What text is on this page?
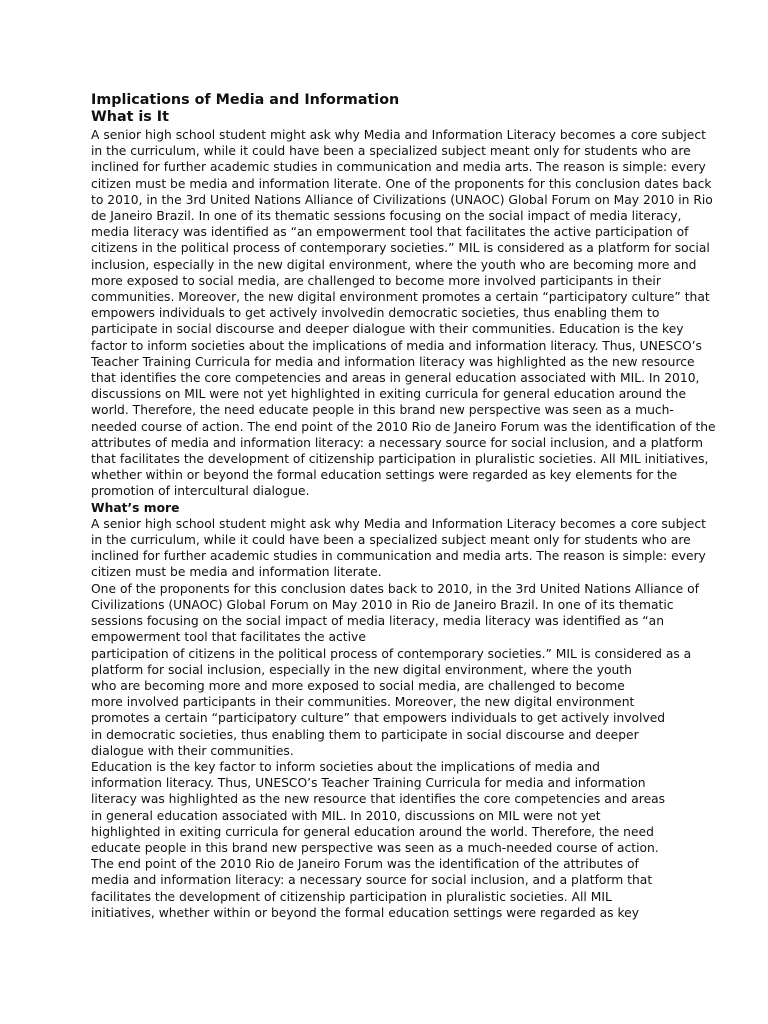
Implications of Media and Information
What is It
A senior high school student might ask why Media and Information Literacy becomes a core subject
in the curriculum, while it could have been a specialized subject meant only for students who are
inclined for further academic studies in communication and media arts. The reason is simple: every
citizen must be media and information literate. One of the proponents for this conclusion dates back
to 2010, in the 3rd United Nations Alliance of Civilizations (UNAOC) Global Forum on May 2010 in Rio
de Janeiro Brazil. In one of its thematic sessions focusing on the social impact of media literacy,
media literacy was identified as “an empowerment tool that facilitates the active participation of
citizens in the political process of contemporary societies.” MIL is considered as a platform for social
inclusion, especially in the new digital environment, where the youth who are becoming more and
more exposed to social media, are challenged to become more involved participants in their
communities. Moreover, the new digital environment promotes a certain “participatory culture” that
empowers individuals to get actively involvedin democratic societies, thus enabling them to
participate in social discourse and deeper dialogue with their communities. Education is the key
factor to inform societies about the implications of media and information literacy. Thus, UNESCO’s
Teacher Training Curricula for media and information literacy was highlighted as the new resource
that identifies the core competencies and areas in general education associated with MIL. In 2010,
discussions on MIL were not yet highlighted in exiting curricula for general education around the
world. Therefore, the need educate people in this brand new perspective was seen as a much-
needed course of action. The end point of the 2010 Rio de Janeiro Forum was the identification of the
attributes of media and information literacy: a necessary source for social inclusion, and a platform
that facilitates the development of citizenship participation in pluralistic societies. All MIL initiatives,
whether within or beyond the formal education settings were regarded as key elements for the
promotion of intercultural dialogue.
What’s more
A senior high school student might ask why Media and Information Literacy becomes a core subject
in the curriculum, while it could have been a specialized subject meant only for students who are
inclined for further academic studies in communication and media arts. The reason is simple: every
citizen must be media and information literate.
One of the proponents for this conclusion dates back to 2010, in the 3rd United Nations Alliance of
Civilizations (UNAOC) Global Forum on May 2010 in Rio de Janeiro Brazil. In one of its thematic
sessions focusing on the social impact of media literacy, media literacy was identified as “an
empowerment tool that facilitates the active
participation of citizens in the political process of contemporary societies.” MIL is considered as a
platform for social inclusion, especially in the new digital environment, where the youth
who are becoming more and more exposed to social media, are challenged to become
more involved participants in their communities. Moreover, the new digital environment
promotes a certain “participatory culture” that empowers individuals to get actively involved
in democratic societies, thus enabling them to participate in social discourse and deeper
dialogue with their communities.
Education is the key factor to inform societies about the implications of media and
information literacy. Thus, UNESCO’s Teacher Training Curricula for media and information
literacy was highlighted as the new resource that identifies the core competencies and areas
in general education associated with MIL. In 2010, discussions on MIL were not yet
highlighted in exiting curricula for general education around the world. Therefore, the need
educate people in this brand new perspective was seen as a much-needed course of action.
The end point of the 2010 Rio de Janeiro Forum was the identification of the attributes of
media and information literacy: a necessary source for social inclusion, and a platform that
facilitates the development of citizenship participation in pluralistic societies. All MIL
initiatives, whether within or beyond the formal education settings were regarded as key
